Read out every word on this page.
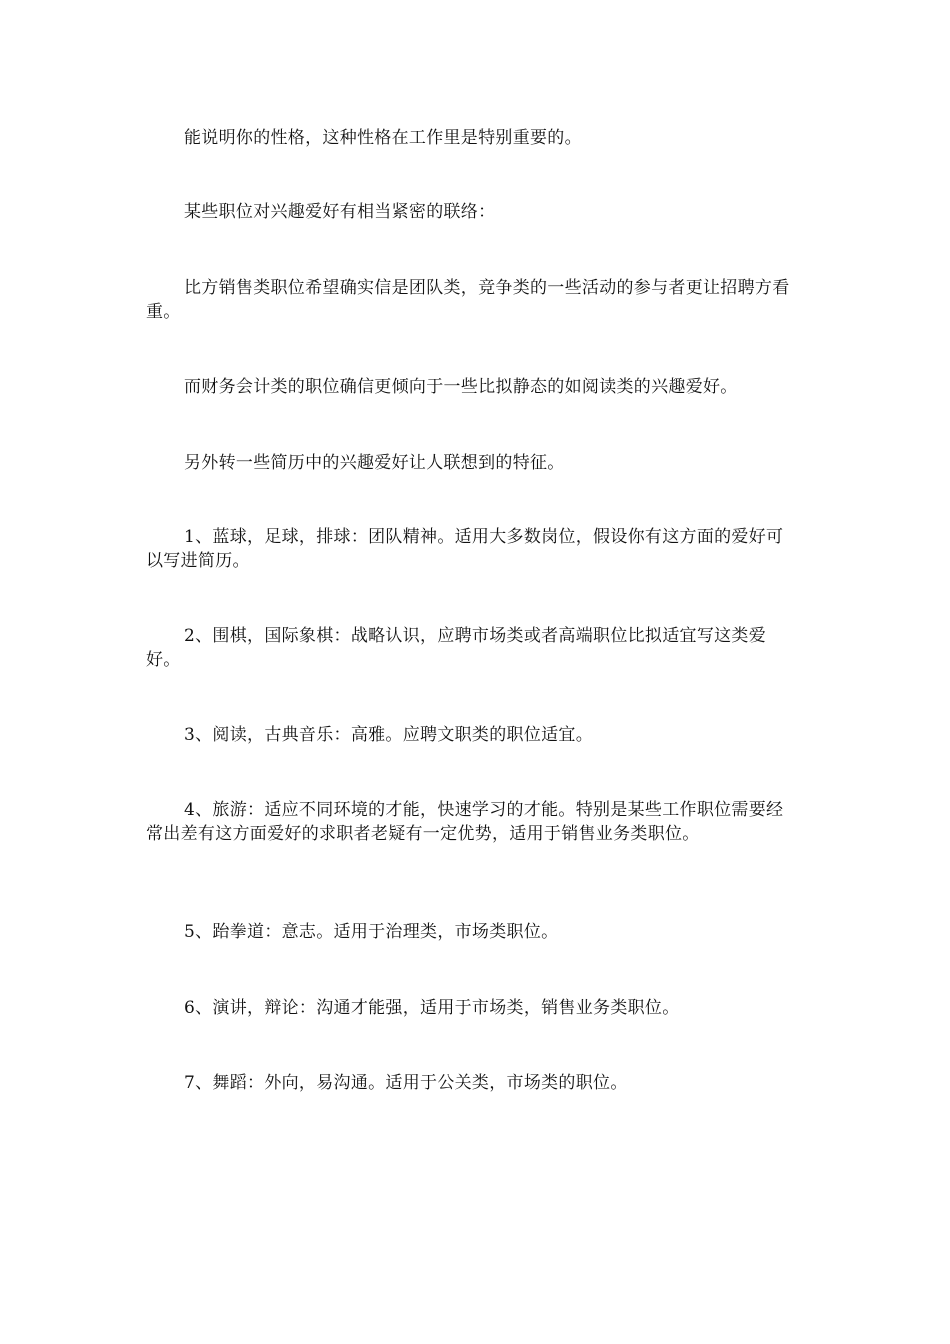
能说明你的性格，这种性格在工作里是特别重要的。

某些职位对兴趣爱好有相当紧密的联络：

比方销售类职位希望确实信是团队类，竞争类的一些活动的参与者更让招聘方看重。

而财务会计类的职位确信更倾向于一些比拟静态的如阅读类的兴趣爱好。

另外转一些简历中的兴趣爱好让人联想到的特征。

1、蓝球，足球，排球：团队精神。适用大多数岗位，假设你有这方面的爱好可以写进简历。

2、围棋，国际象棋：战略认识，应聘市场类或者高端职位比拟适宜写这类爱好。

3、阅读，古典音乐：高雅。应聘文职类的职位适宜。

4、旅游：适应不同环境的才能，快速学习的才能。特别是某些工作职位需要经常出差有这方面爱好的求职者老疑有一定优势，适用于销售业务类职位。

5、跆拳道：意志。适用于治理类，市场类职位。

6、演讲，辩论：沟通才能强，适用于市场类，销售业务类职位。

7、舞蹈：外向，易沟通。适用于公关类，市场类的职位。
